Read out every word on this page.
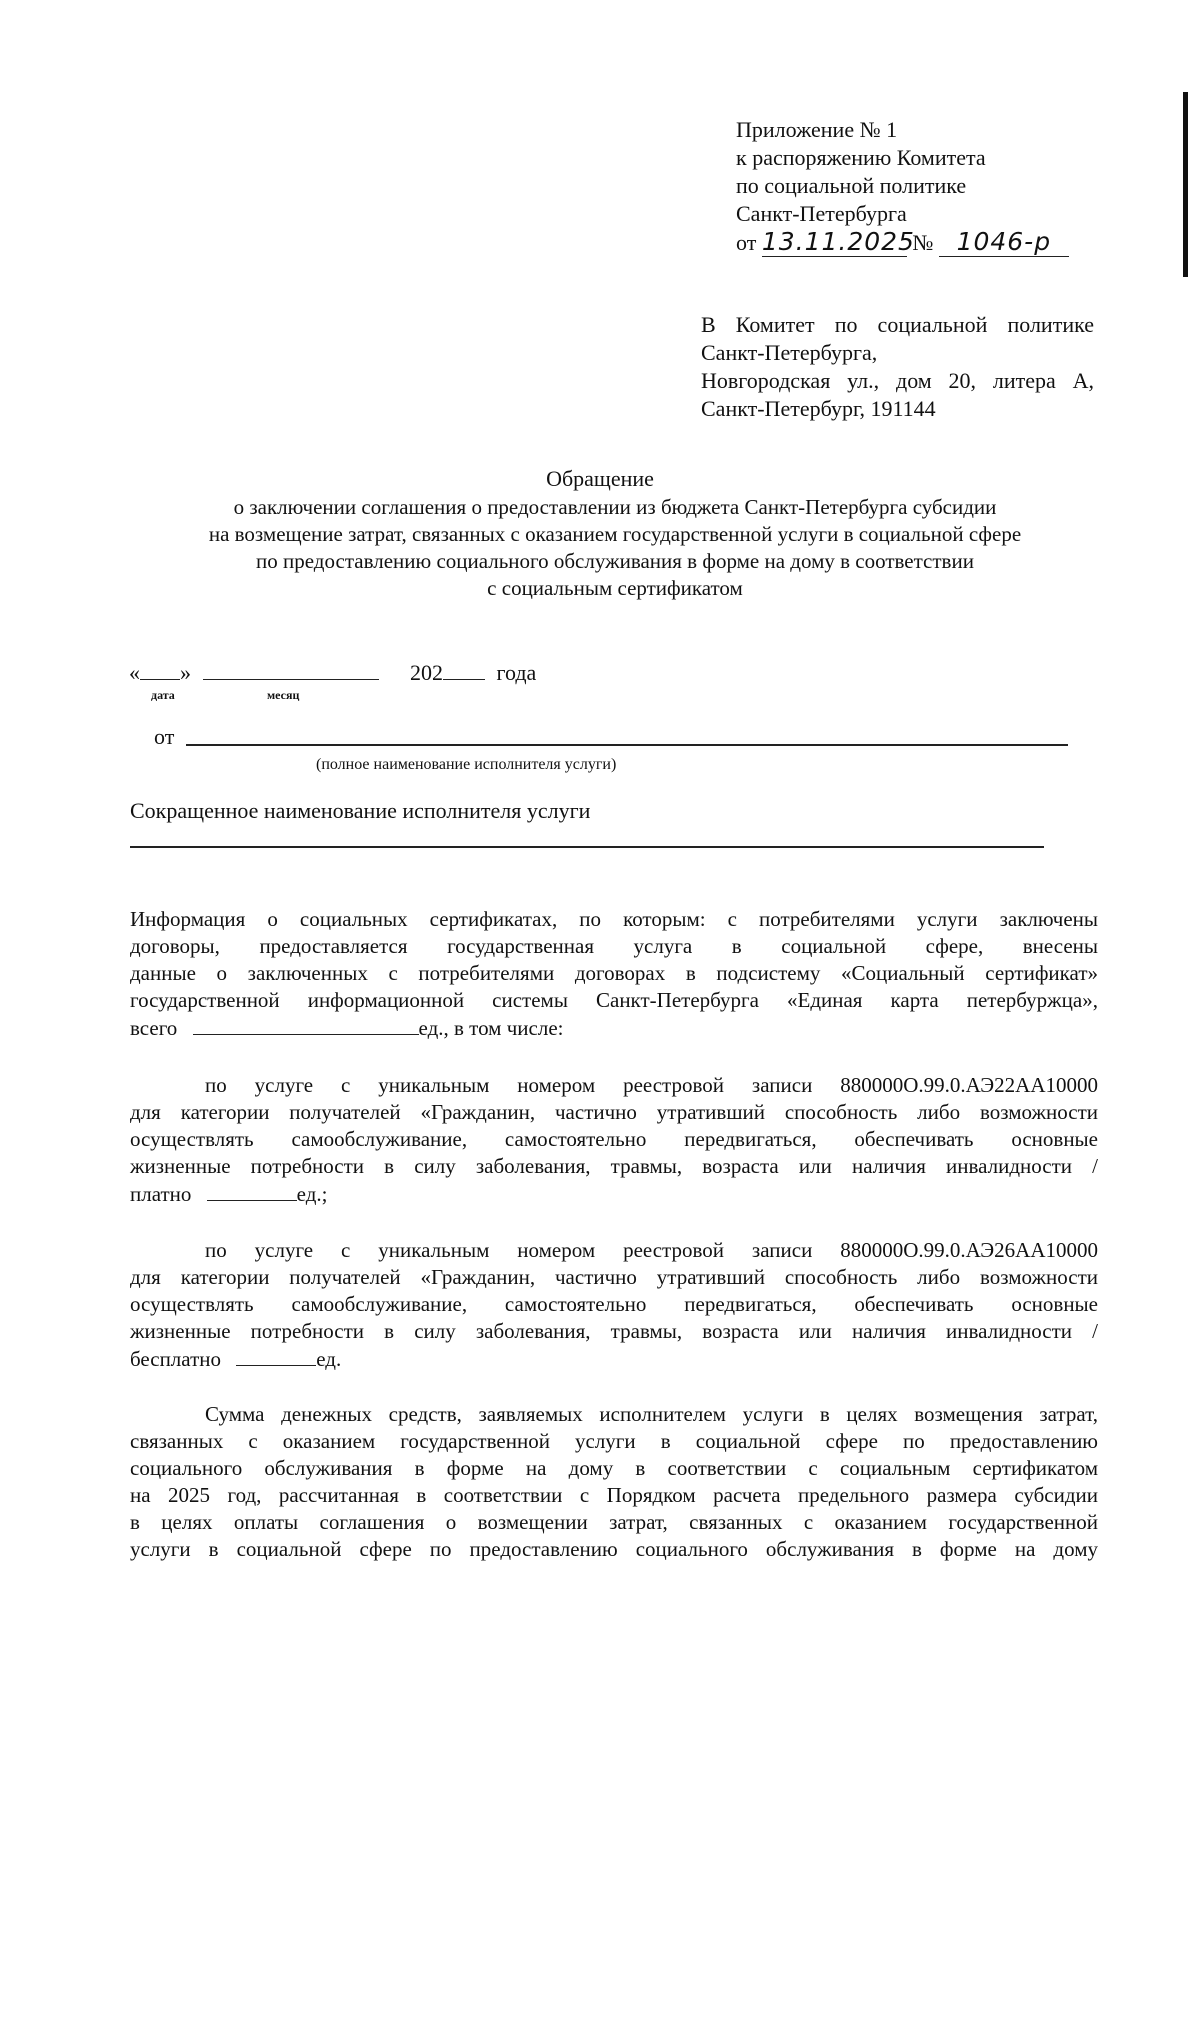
Приложение № 1
к распоряжению Комитета
по социальной политике
Санкт-Петербурга
от 13.11.2025 № 1046-р
В Комитет по социальной политике
Санкт-Петербурга,
Новгородская ул., дом 20, литера А,
Санкт-Петербург, 191144
Обращение
о заключении соглашения о предоставлении из бюджета Санкт-Петербурга субсидии
на возмещение затрат, связанных с оказанием государственной услуги в социальной сфере
по предоставлению социального обслуживания в форме на дому в соответствии
с социальным сертификатом
« »	202 года
дата	месяц
от
(полное наименование исполнителя услуги)
Сокращенное наименование исполнителя услуги
Информация о социальных сертификатах, по которым: с потребителями услуги заключены
договоры, предоставляется государственная услуга в социальной сфере, внесены
данные о заключенных с потребителями договорах в подсистему «Социальный сертификат»
государственной информационной системы Санкт-Петербурга «Единая карта петербуржца»,
всего	ед., в том числе:
по услуге с уникальным номером реестровой записи 880000О.99.0.АЭ22АА10000
для категории получателей «Гражданин, частично утративший способность либо возможности
осуществлять самообслуживание, самостоятельно передвигаться, обеспечивать основные
жизненные потребности в силу заболевания, травмы, возраста или наличия инвалидности /
платно	ед.;
по услуге с уникальным номером реестровой записи 880000О.99.0.АЭ26АА10000
для категории получателей «Гражданин, частично утративший способность либо возможности
осуществлять самообслуживание, самостоятельно передвигаться, обеспечивать основные
жизненные потребности в силу заболевания, травмы, возраста или наличия инвалидности /
бесплатно	ед.
Сумма денежных средств, заявляемых исполнителем услуги в целях возмещения затрат,
связанных с оказанием государственной услуги в социальной сфере по предоставлению
социального обслуживания в форме на дому в соответствии с социальным сертификатом
на 2025 год, рассчитанная в соответствии с Порядком расчета предельного размера субсидии
в целях оплаты соглашения о возмещении затрат, связанных с оказанием государственной
услуги в социальной сфере по предоставлению социального обслуживания в форме на дому
